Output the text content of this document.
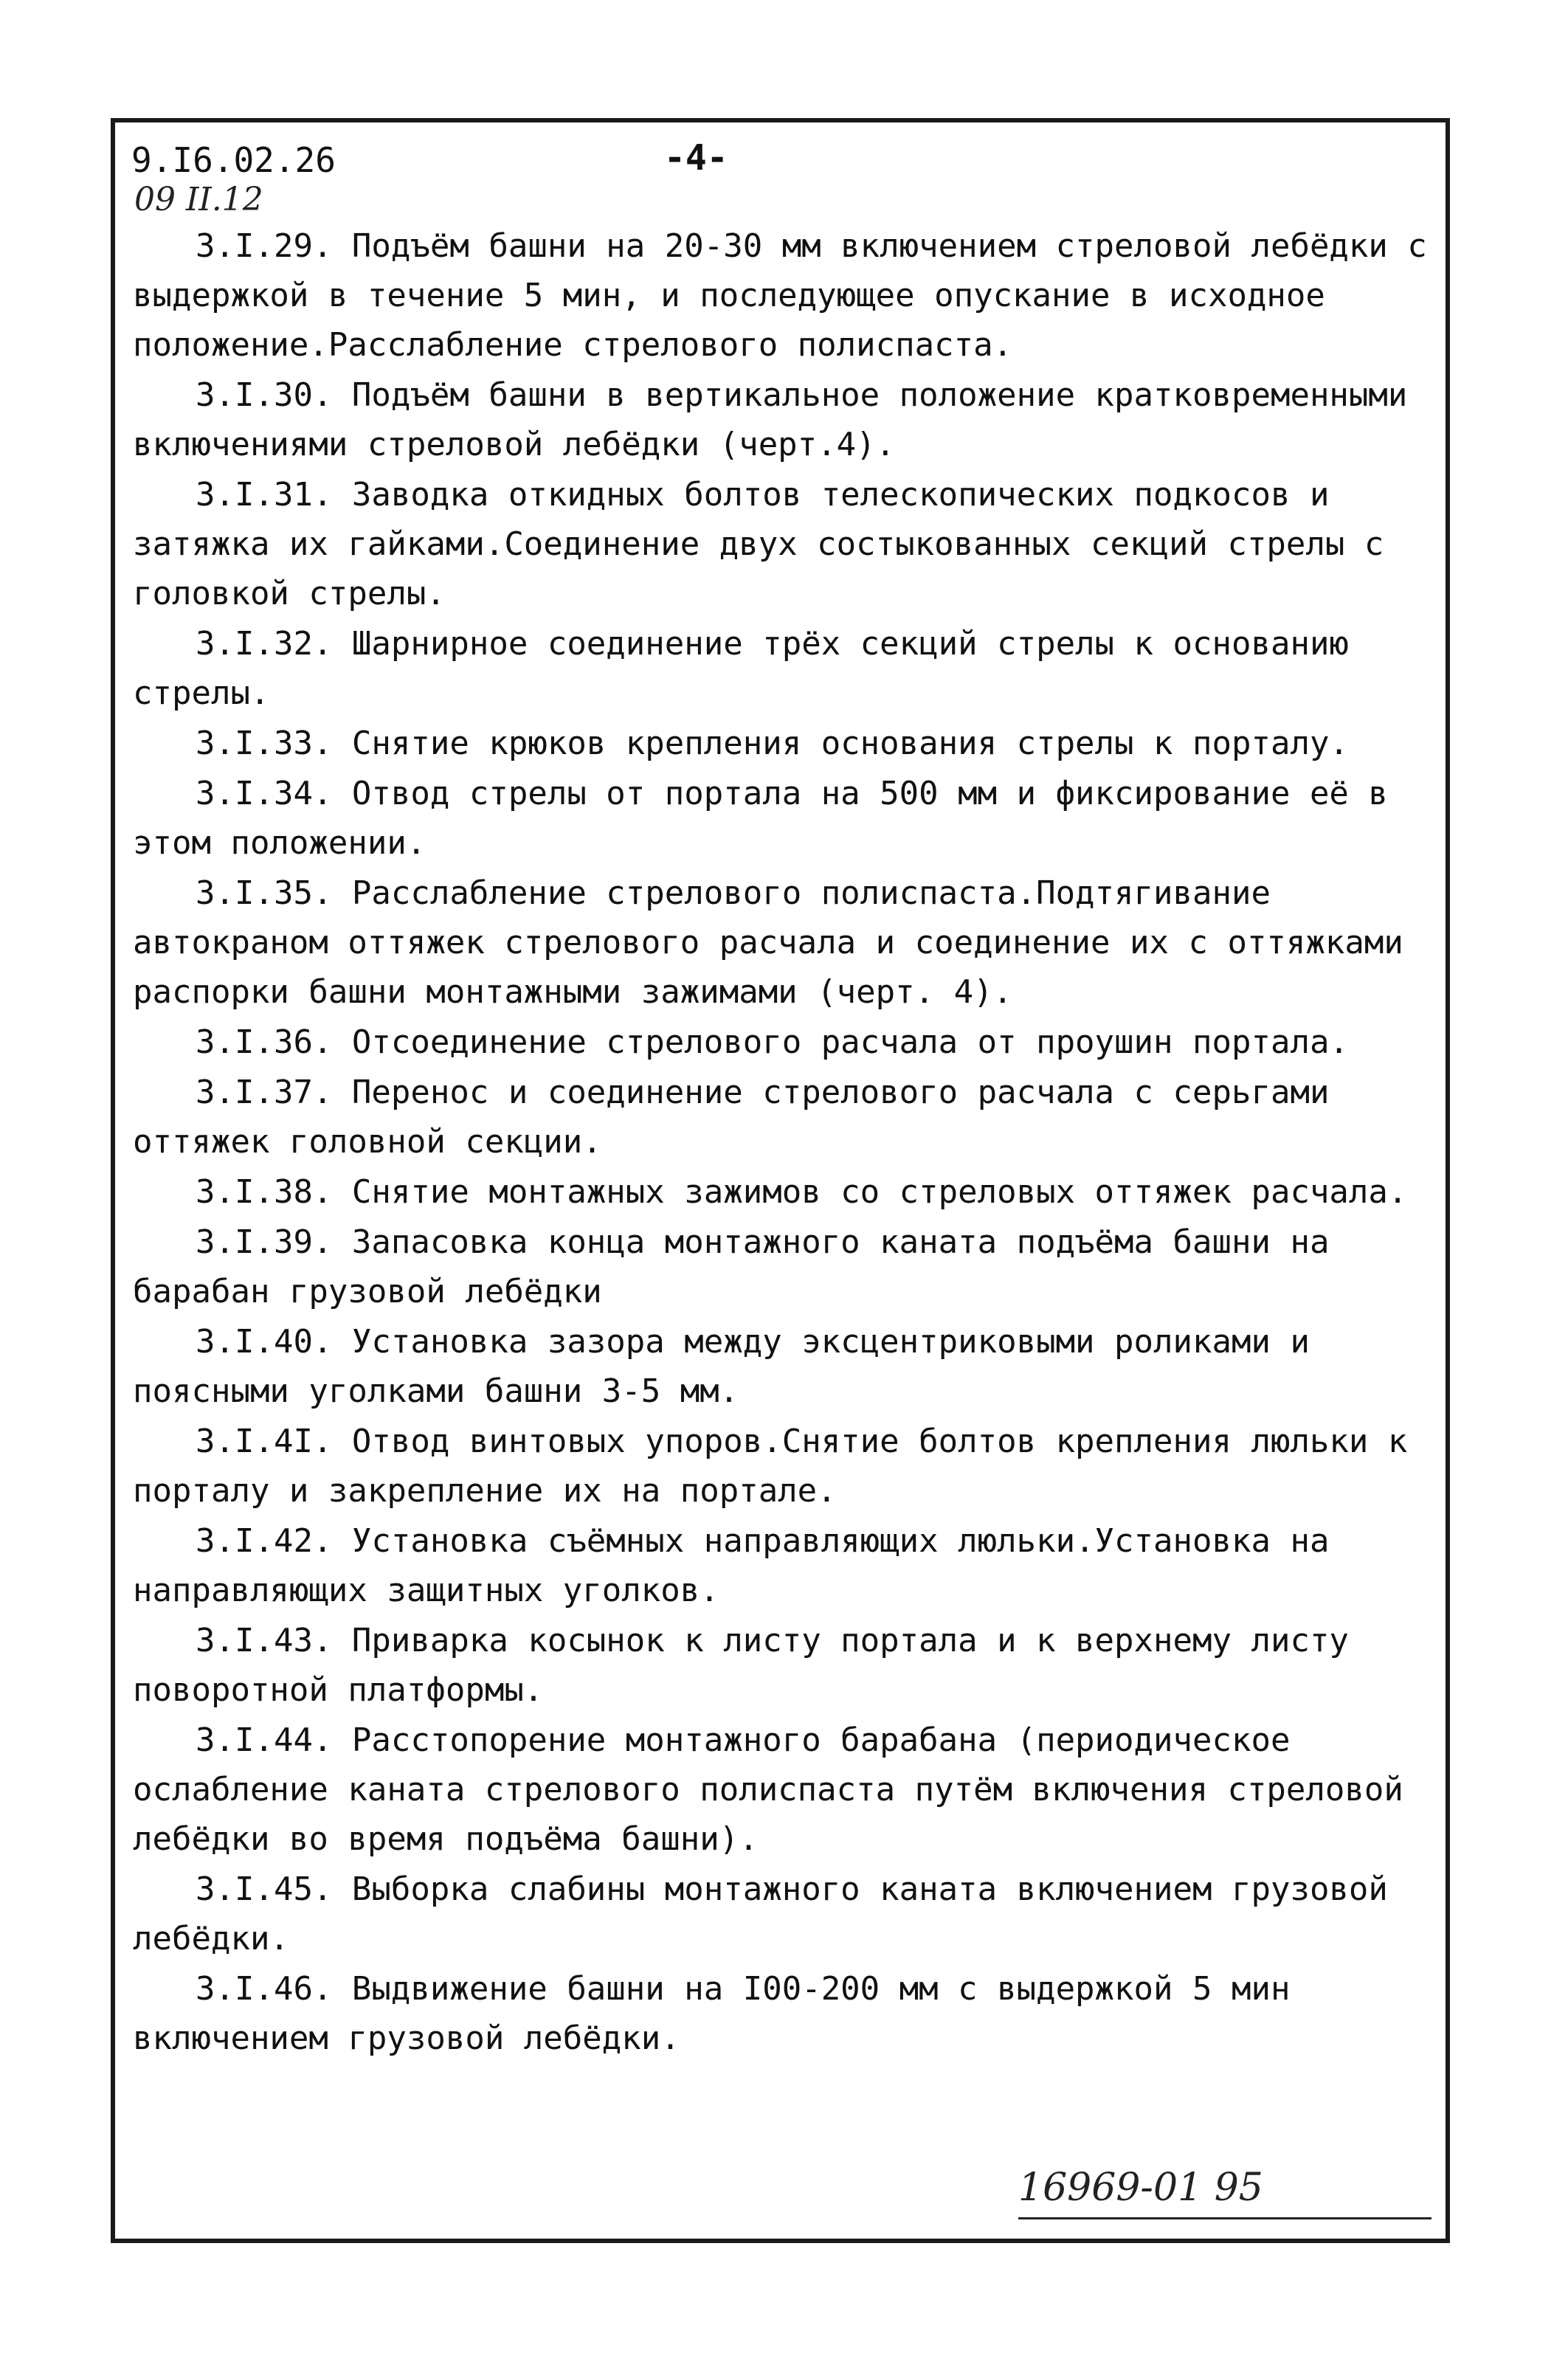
9.I6.02.26
09 II.12
-4-

3.I.29. Подъём башни на 20-30 мм включением стреловой лебёдки с выдержкой в течение 5 мин, и последующее опускание в исходное положение.Расслабление стрелового полиспаста.

3.I.30. Подъём башни в вертикальное положение кратковременными включениями стреловой лебёдки (черт.4).

3.I.31. Заводка откидных болтов телескопических подкосов и затяжка их гайками.Соединение двух состыкованных секций стрелы с головкой стрелы.

3.I.32. Шарнирное соединение трёх секций стрелы к основанию стрелы.

3.I.33. Снятие крюков крепления основания стрелы к порталу.

3.I.34. Отвод стрелы от портала на 500 мм и фиксирование её в этом положении.

3.I.35. Расслабление стрелового полиспаста.Подтягивание автокраном оттяжек стрелового расчала и соединение их с оттяжками распорки башни монтажными зажимами (черт. 4).

3.I.36. Отсоединение стрелового расчала от проушин портала.

3.I.37. Перенос и соединение стрелового расчала с серьгами оттяжек головной секции.

3.I.38. Снятие монтажных зажимов со стреловых оттяжек расчала.

3.I.39. Запасовка конца монтажного каната подъёма башни на барабан грузовой лебёдки

3.I.40. Установка зазора между эксцентриковыми роликами и поясными уголками башни 3-5 мм.

3.I.4I. Отвод винтовых упоров.Снятие болтов крепления люльки к порталу и закрепление их на портале.

3.I.42. Установка съёмных направляющих люльки.Установка на направляющих защитных уголков.

3.I.43. Приварка косынок к листу портала и к верхнему листу поворотной платформы.

3.I.44. Расстопорение монтажного барабана (периодическое ослабление каната стрелового полиспаста путём включения стреловой лебёдки во время подъёма башни).

3.I.45. Выборка слабины монтажного каната включением грузовой лебёдки.

3.I.46. Выдвижение башни на I00-200 мм с выдержкой 5 мин включением грузовой лебёдки.

16969-01 95
